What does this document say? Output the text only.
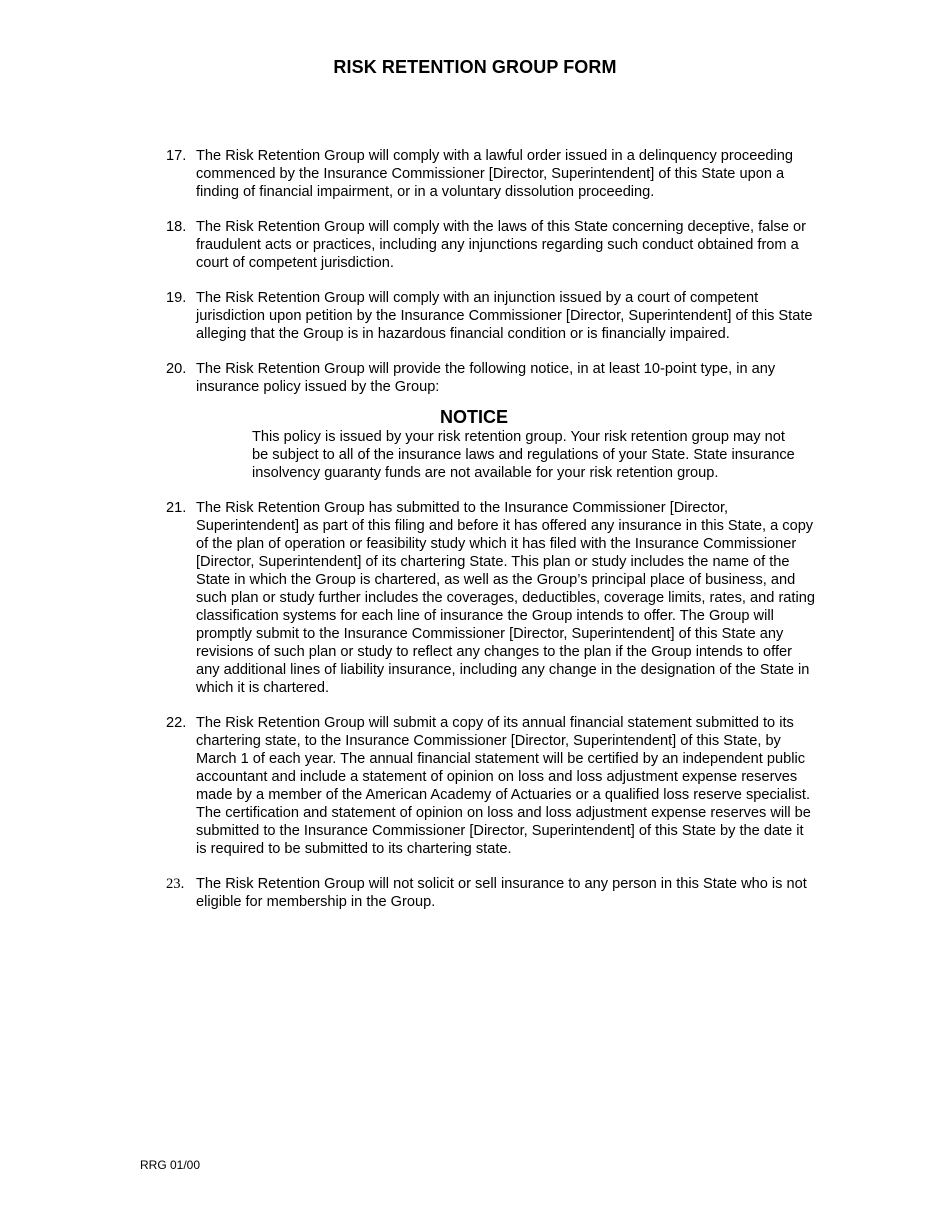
RISK RETENTION GROUP FORM
17. The Risk Retention Group will comply with a lawful order issued in a delinquency proceeding commenced by the Insurance Commissioner [Director, Superintendent] of this State upon a finding of financial impairment, or in a voluntary dissolution proceeding.
18. The Risk Retention Group will comply with the laws of this State concerning deceptive, false or fraudulent acts or practices, including any injunctions regarding such conduct obtained from a court of competent jurisdiction.
19. The Risk Retention Group will comply with an injunction issued by a court of competent jurisdiction upon petition by the Insurance Commissioner [Director, Superintendent] of this State alleging that the Group is in hazardous financial condition or is financially impaired.
20. The Risk Retention Group will provide the following notice, in at least 10-point type, in any insurance policy issued by the Group:
NOTICE
This policy is issued by your risk retention group. Your risk retention group may not be subject to all of the insurance laws and regulations of your State. State insurance insolvency guaranty funds are not available for your risk retention group.
21. The Risk Retention Group has submitted to the Insurance Commissioner [Director, Superintendent] as part of this filing and before it has offered any insurance in this State, a copy of the plan of operation or feasibility study which it has filed with the Insurance Commissioner [Director, Superintendent] of its chartering State. This plan or study includes the name of the State in which the Group is chartered, as well as the Group’s principal place of business, and such plan or study further includes the coverages, deductibles, coverage limits, rates, and rating classification systems for each line of insurance the Group intends to offer. The Group will promptly submit to the Insurance Commissioner [Director, Superintendent] of this State any revisions of such plan or study to reflect any changes to the plan if the Group intends to offer any additional lines of liability insurance, including any change in the designation of the State in which it is chartered.
22. The Risk Retention Group will submit a copy of its annual financial statement submitted to its chartering state, to the Insurance Commissioner [Director, Superintendent] of this State, by March 1 of each year. The annual financial statement will be certified by an independent public accountant and include a statement of opinion on loss and loss adjustment expense reserves made by a member of the American Academy of Actuaries or a qualified loss reserve specialist. The certification and statement of opinion on loss and loss adjustment expense reserves will be submitted to the Insurance Commissioner [Director, Superintendent] of this State by the date it is required to be submitted to its chartering state.
23. The Risk Retention Group will not solicit or sell insurance to any person in this State who is not eligible for membership in the Group.
RRG 01/00
